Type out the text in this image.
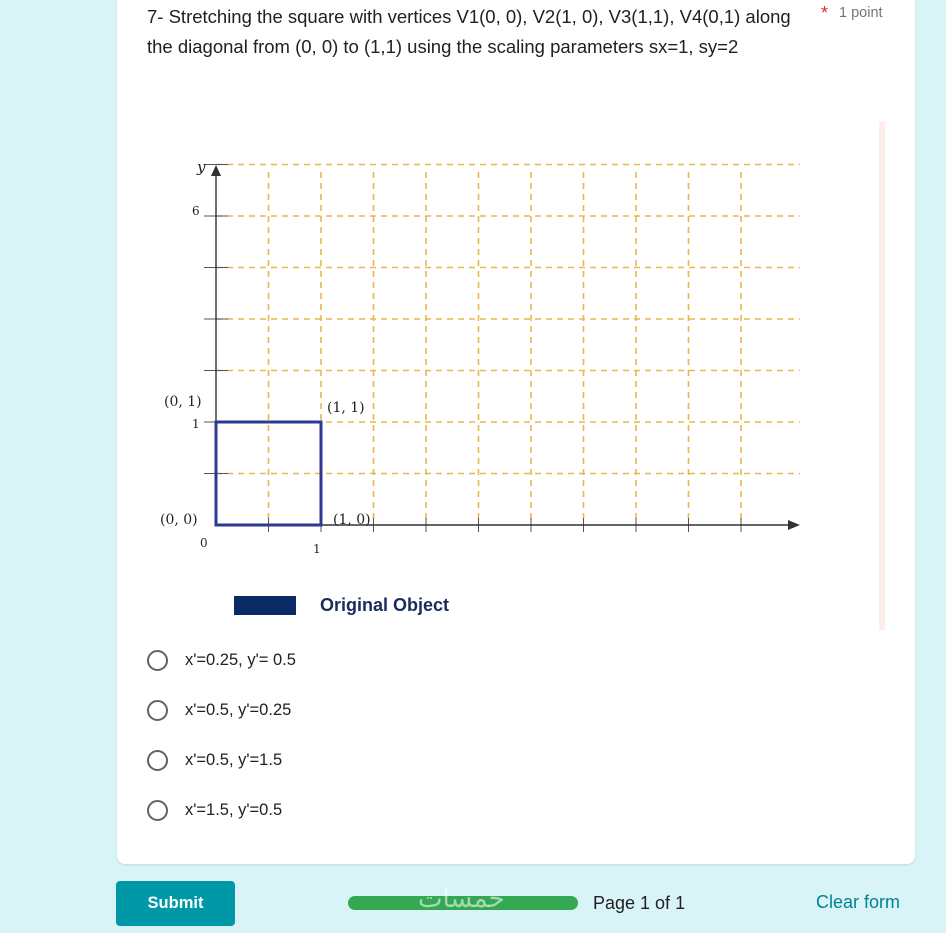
7- Stretching the square with vertices V1(0, 0), V2(1, 0), V3(1,1), V4(0,1) along the diagonal from (0, 0) to (1,1) using the scaling parameters sx=1, sy=2
* 1 point
y
6
1
0	1
(0, 1)	(1, 1)
(0, 0)	(1, 0)
Original Object
x'=0.25, y'= 0.5
x'=0.5, y'=0.25
x'=0.5, y'=1.5
x'=1.5, y'=0.5
Submit	خمسات	Page 1 of 1	Clear form
